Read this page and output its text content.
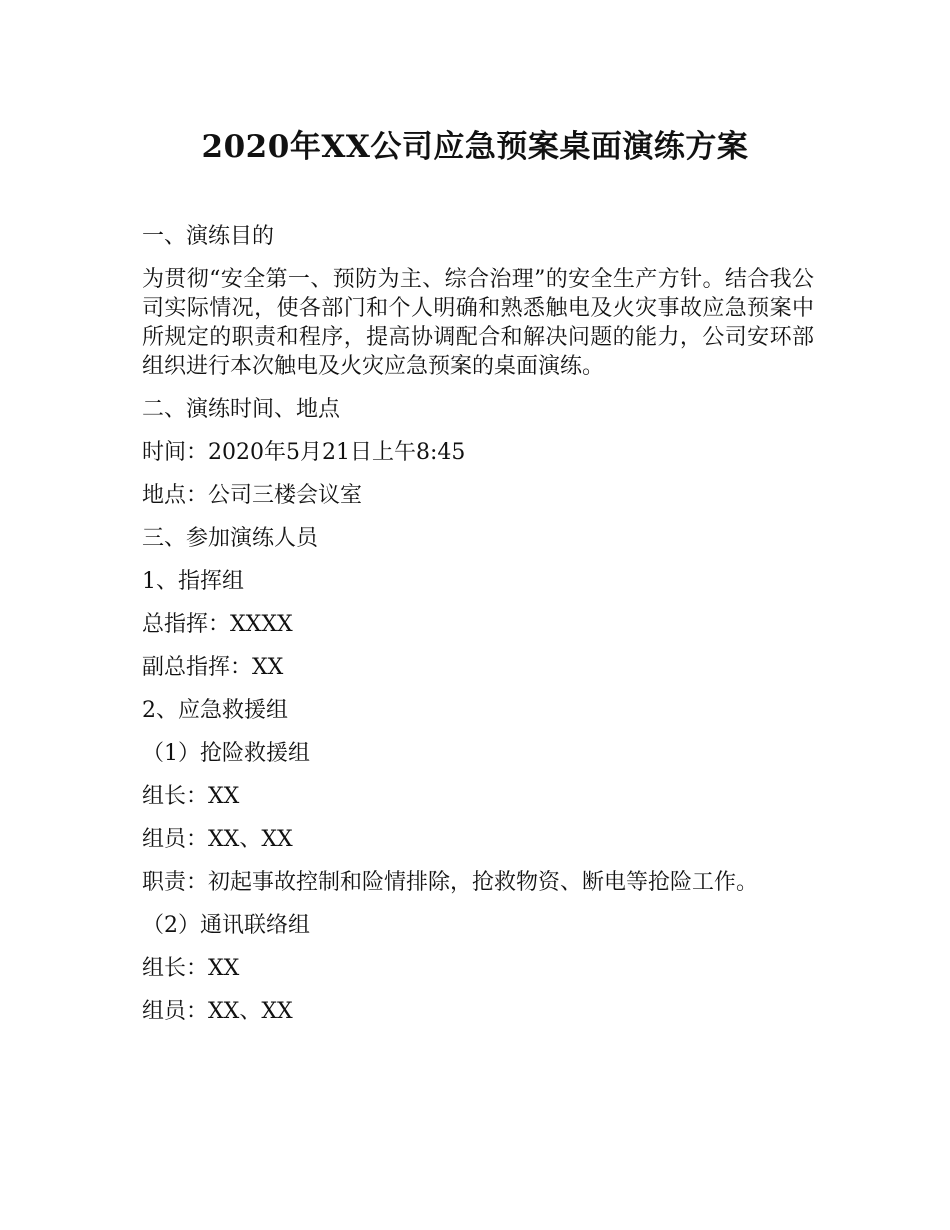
2020年XX公司应急预案桌面演练方案

一、演练目的

为贯彻“安全第一、预防为主、综合治理”的安全生产方针。结合我公司实际情况，使各部门和个人明确和熟悉触电及火灾事故应急预案中所规定的职责和程序，提高协调配合和解决问题的能力，公司安环部组织进行本次触电及火灾应急预案的桌面演练。

二、演练时间、地点

时间：2020年5月21日上午8:45

地点：公司三楼会议室

三、参加演练人员

1、指挥组

总指挥：XXXX

副总指挥：XX

2、应急救援组

（1）抢险救援组

组长：XX

组员：XX、XX

职责：初起事故控制和险情排除，抢救物资、断电等抢险工作。

（2）通讯联络组

组长：XX

组员：XX、XX
